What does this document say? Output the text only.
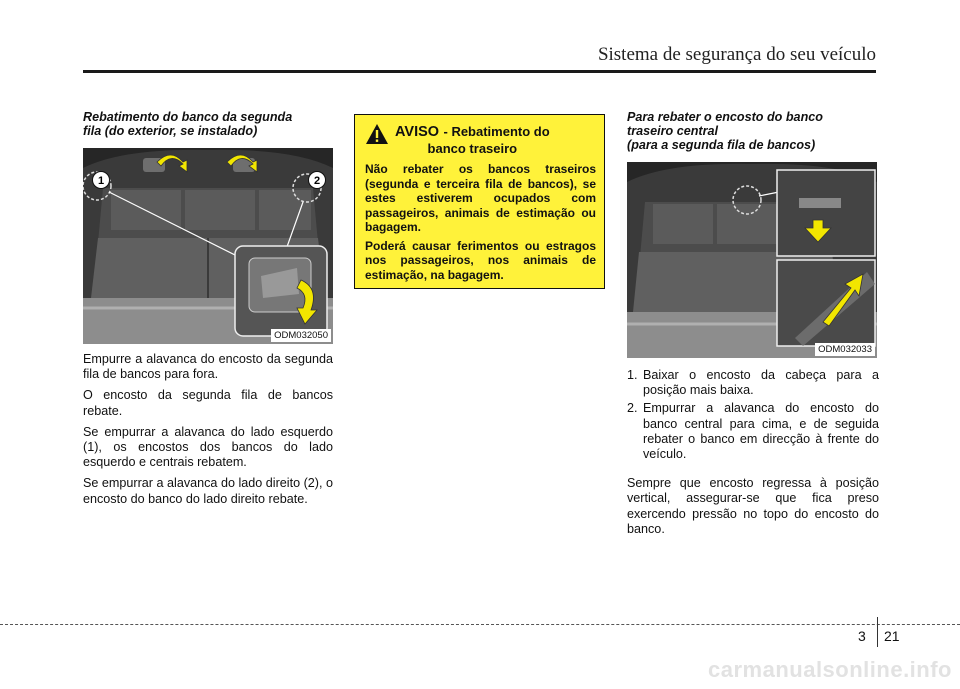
Sistema de segurança do seu veículo
Rebatimento do banco da segunda
fila (do exterior, se instalado)
1	2
ODM032050

Empurre a alavanca do encosto da segunda fila de bancos para fora.

O encosto da segunda fila de bancos rebate.

Se empurrar a alavanca do lado esquerdo (1), os encostos dos bancos do lado esquerdo e centrais rebatem.

Se empurrar a alavanca do lado direito (2), o encosto do banco do lado direito rebate.

AVISO - Rebatimento do
banco traseiro

Não rebater os bancos traseiros (segunda e terceira fila de bancos), se estes estiverem ocupados com passageiros, animais de estimação ou bagagem.

Poderá causar ferimentos ou estragos nos passageiros, nos animais de estimação, na bagagem.

Para rebater o encosto do banco
traseiro central
(para a segunda fila de bancos)
ODM032033
1. Baixar o encosto da cabeça para a posição mais baixa.
2. Empurrar a alavanca do encosto do banco central para cima, e de seguida rebater o banco em direcção à frente do veículo.

Sempre que encosto regressa à posição vertical, assegurar-se que fica preso exercendo pressão no topo do encosto do banco.

3 21
carmanualsonline.info
